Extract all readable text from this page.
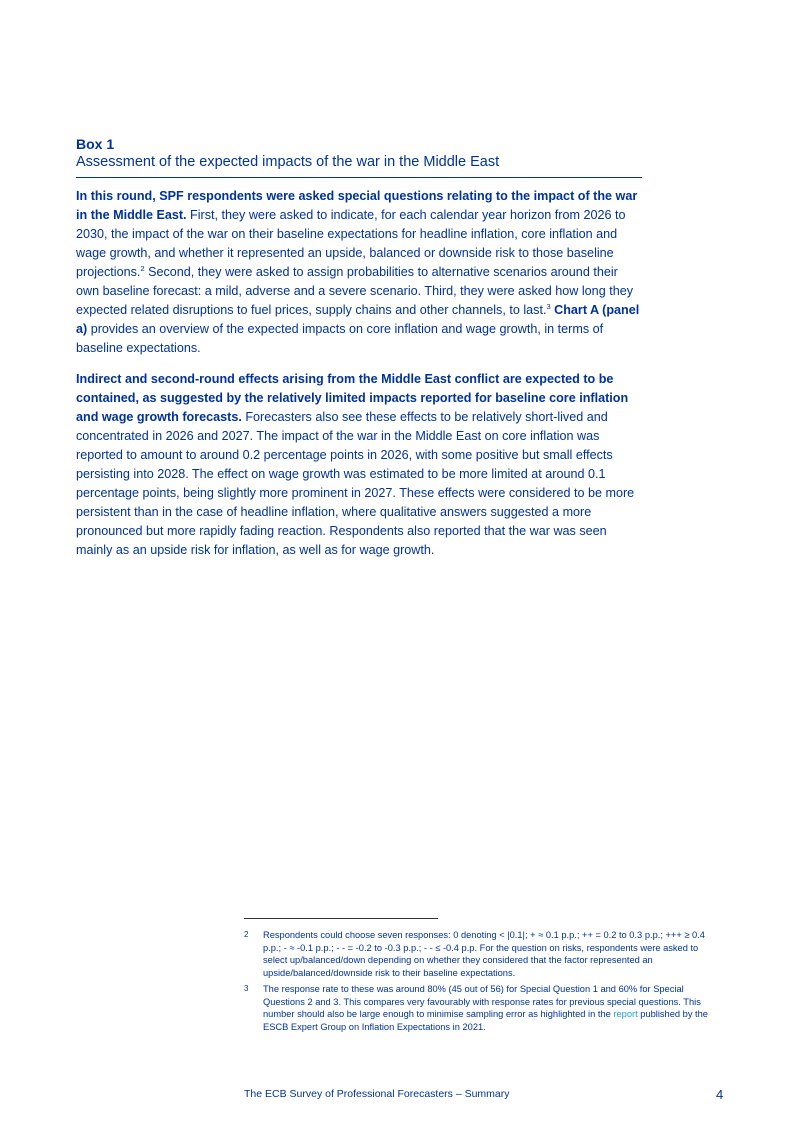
Box 1
Assessment of the expected impacts of the war in the Middle East

In this round, SPF respondents were asked special questions relating to the impact of the war in the Middle East. First, they were asked to indicate, for each calendar year horizon from 2026 to 2030, the impact of the war on their baseline expectations for headline inflation, core inflation and wage growth, and whether it represented an upside, balanced or downside risk to those baseline projections.$^2$ Second, they were asked to assign probabilities to alternative scenarios around their own baseline forecast: a mild, adverse and a severe scenario. Third, they were asked how long they expected related disruptions to fuel prices, supply chains and other channels, to last.$^3$ Chart A (panel a) provides an overview of the expected impacts on core inflation and wage growth, in terms of baseline expectations.

Indirect and second-round effects arising from the Middle East conflict are expected to be contained, as suggested by the relatively limited impacts reported for baseline core inflation and wage growth forecasts. Forecasters also see these effects to be relatively short-lived and concentrated in 2026 and 2027. The impact of the war in the Middle East on core inflation was reported to amount to around 0.2 percentage points in 2026, with some positive but small effects persisting into 2028. The effect on wage growth was estimated to be more limited at around 0.1 percentage points, being slightly more prominent in 2027. These effects were considered to be more persistent than in the case of headline inflation, where qualitative answers suggested a more pronounced but more rapidly fading reaction. Respondents also reported that the war was seen mainly as an upside risk for inflation, as well as for wage growth.

2 Respondents could choose seven responses: 0 denoting < |0.1|; + ≈ 0.1 p.p.; ++ = 0.2 to 0.3 p.p.; +++ ≥ 0.4 p.p.; - ≈ -0.1 p.p.; - - = -0.2 to -0.3 p.p.; - - ≤ -0.4 p.p. For the question on risks, respondents were asked to select up/balanced/down depending on whether they considered that the factor represented an upside/balanced/downside risk to their baseline expectations.
3 The response rate to these was around 80% (45 out of 56) for Special Question 1 and 60% for Special Questions 2 and 3. This compares very favourably with response rates for previous special questions. This number should also be large enough to minimise sampling error as highlighted in the report published by the ESCB Expert Group on Inflation Expectations in 2021.
The ECB Survey of Professional Forecasters – Summary	4
